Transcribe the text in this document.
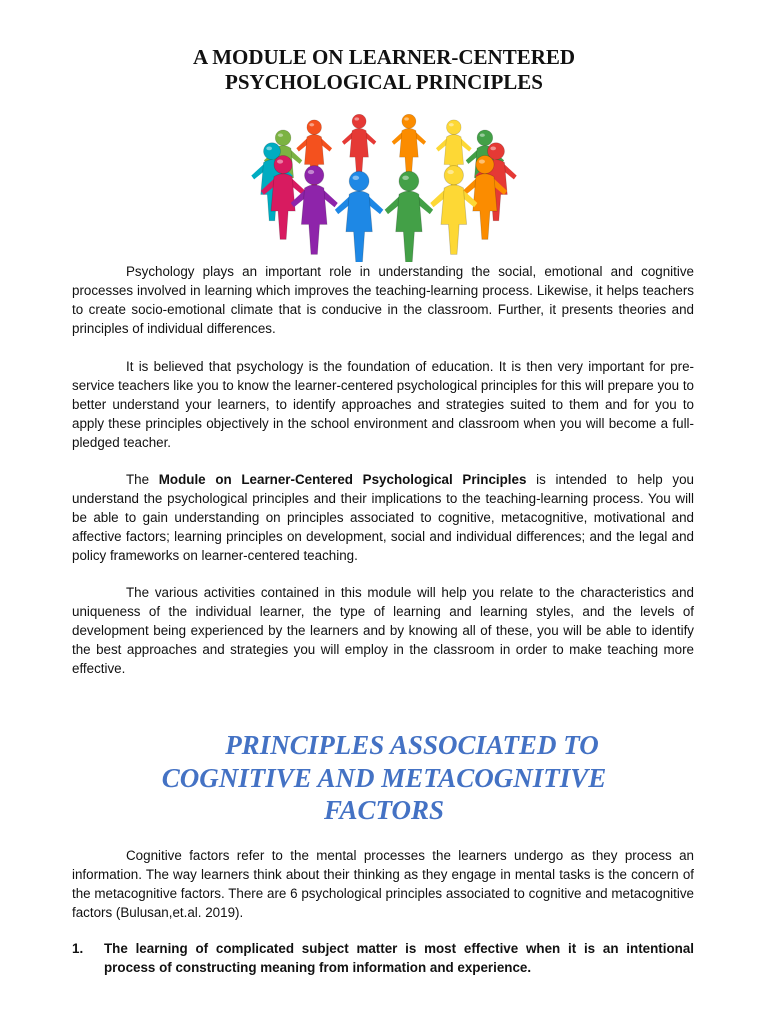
A MODULE ON LEARNER-CENTERED
PSYCHOLOGICAL PRINCIPLES

Psychology plays an important role in understanding the social, emotional and cognitive processes involved in learning which improves the teaching-learning process. Likewise, it helps teachers to create socio-emotional climate that is conducive in the classroom. Further, it presents theories and principles of individual differences.

It is believed that psychology is the foundation of education. It is then very important for pre-service teachers like you to know the learner-centered psychological principles for this will prepare you to better understand your learners, to identify approaches and strategies suited to them and for you to apply these principles objectively in the school environment and classroom when you will become a full-pledged teacher.

The Module on Learner-Centered Psychological Principles is intended to help you understand the psychological principles and their implications to the teaching-learning process. You will be able to gain understanding on principles associated to cognitive, metacognitive, motivational and affective factors; learning principles on development, social and individual differences; and the legal and policy frameworks on learner-centered teaching.

The various activities contained in this module will help you relate to the characteristics and uniqueness of the individual learner, the type of learning and learning styles, and the levels of development being experienced by the learners and by knowing all of these, you will be able to identify the best approaches and strategies you will employ in the classroom in order to make teaching more effective.

PRINCIPLES ASSOCIATED TO
COGNITIVE AND METACOGNITIVE
FACTORS

Cognitive factors refer to the mental processes the learners undergo as they process an information. The way learners think about their thinking as they engage in mental tasks is the concern of the metacognitive factors. There are 6 psychological principles associated to cognitive and metacognitive factors (Bulusan,et.al. 2019).

1.	The learning of complicated subject matter is most effective when it is an intentional process of constructing meaning from information and experience.
